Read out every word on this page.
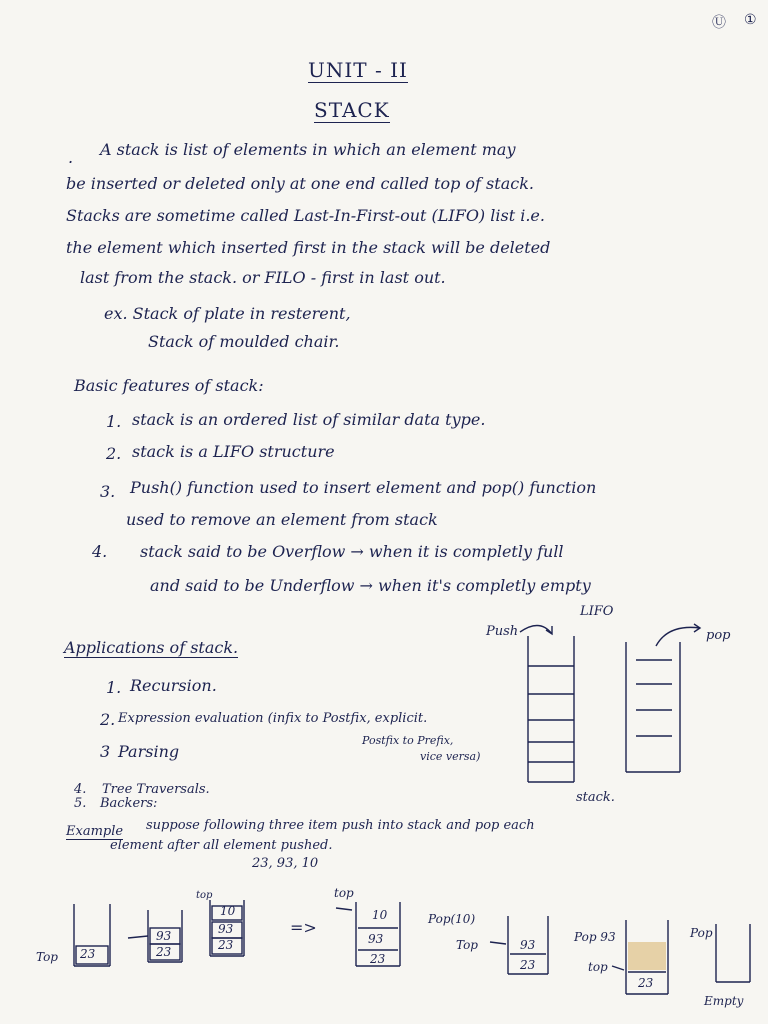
Ⓤ ①
UNIT - II
STACK
. A stack is list of elements in which an element may
be inserted or deleted only at one end called top of stack.
Stacks are sometime called Last-In-First-out (LIFO) list i.e.
the element which inserted first in the stack will be deleted
last from the stack. or FILO - first in last out.
ex. Stack of plate in resterent,
Stack of moulded chair.
Basic features of stack:
1. stack is an ordered list of similar data type.
2. stack is a LIFO structure
3. Push() function used to insert element and pop() function
used to remove an element from stack
4. stack said to be Overflow → when it is completly full
and said to be Underflow → when it's completly empty
Applications of stack.
1. Recursion.
2. Expression evaluation (infix to Postfix, explicit.
Postfix to Prefix,
vice versa)
3 Parsing
4. Tree Traversals.
5. Backers:
Example suppose following three item push into stack and pop each
element after all element pushed.
23, 93, 10
LIFO
Push	pop
stack.
Top 23
93
23
top
10
93
23
=>
top
10
93
23
Pop(10)
Top	93
23
Pop 93
top
23
Pop
Empty
